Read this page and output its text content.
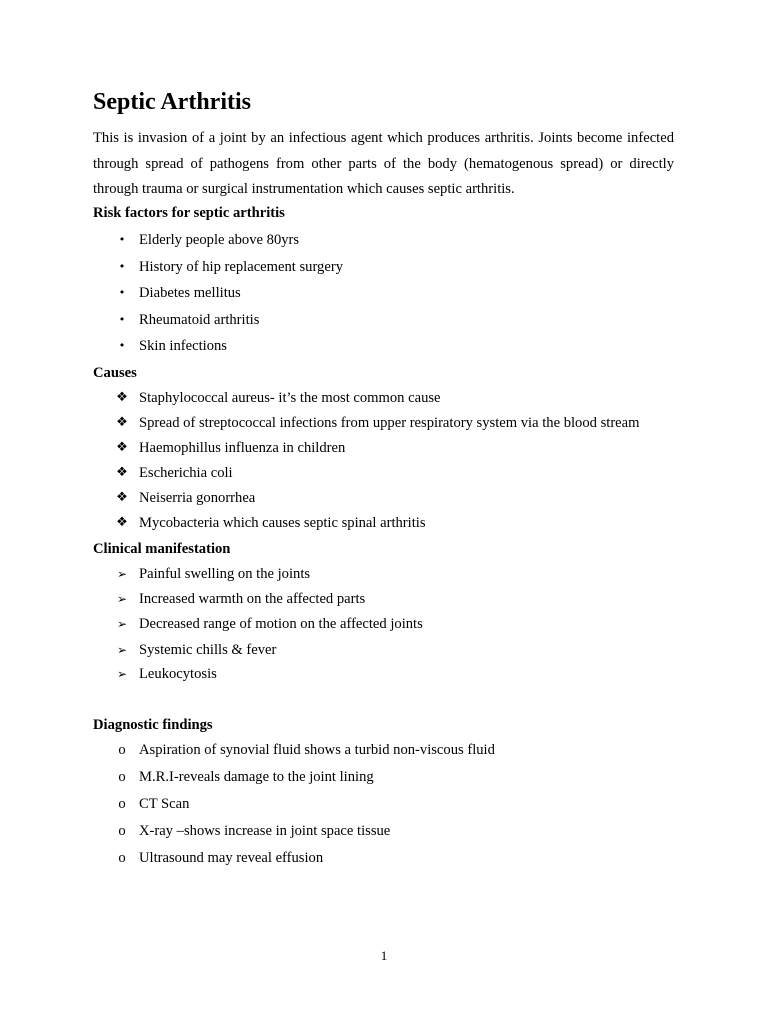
Septic Arthritis

This is invasion of a joint by an infectious agent which produces arthritis. Joints become infected through spread of pathogens from other parts of the body (hematogenous spread) or directly through trauma or surgical instrumentation which causes septic arthritis.

Risk factors for septic arthritis
• Elderly people above 80yrs
• History of hip replacement surgery
• Diabetes mellitus
• Rheumatoid arthritis
• Skin infections
Causes
❖ Staphylococcal aureus- it’s the most common cause
❖ Spread of streptococcal infections from upper respiratory system via the blood stream
❖ Haemophillus influenza in children
❖ Escherichia coli
❖ Neiserria gonorrhea
❖ Mycobacteria which causes septic spinal arthritis
Clinical manifestation
➢ Painful swelling on the joints
➢ Increased warmth on the affected parts
➢ Decreased range of motion on the affected joints
➢ Systemic chills & fever
➢ Leukocytosis
Diagnostic findings
o Aspiration of synovial fluid shows a turbid non-viscous fluid
o M.R.I-reveals damage to the joint lining
o CT Scan
o X-ray –shows increase in joint space tissue
o Ultrasound may reveal effusion
1
